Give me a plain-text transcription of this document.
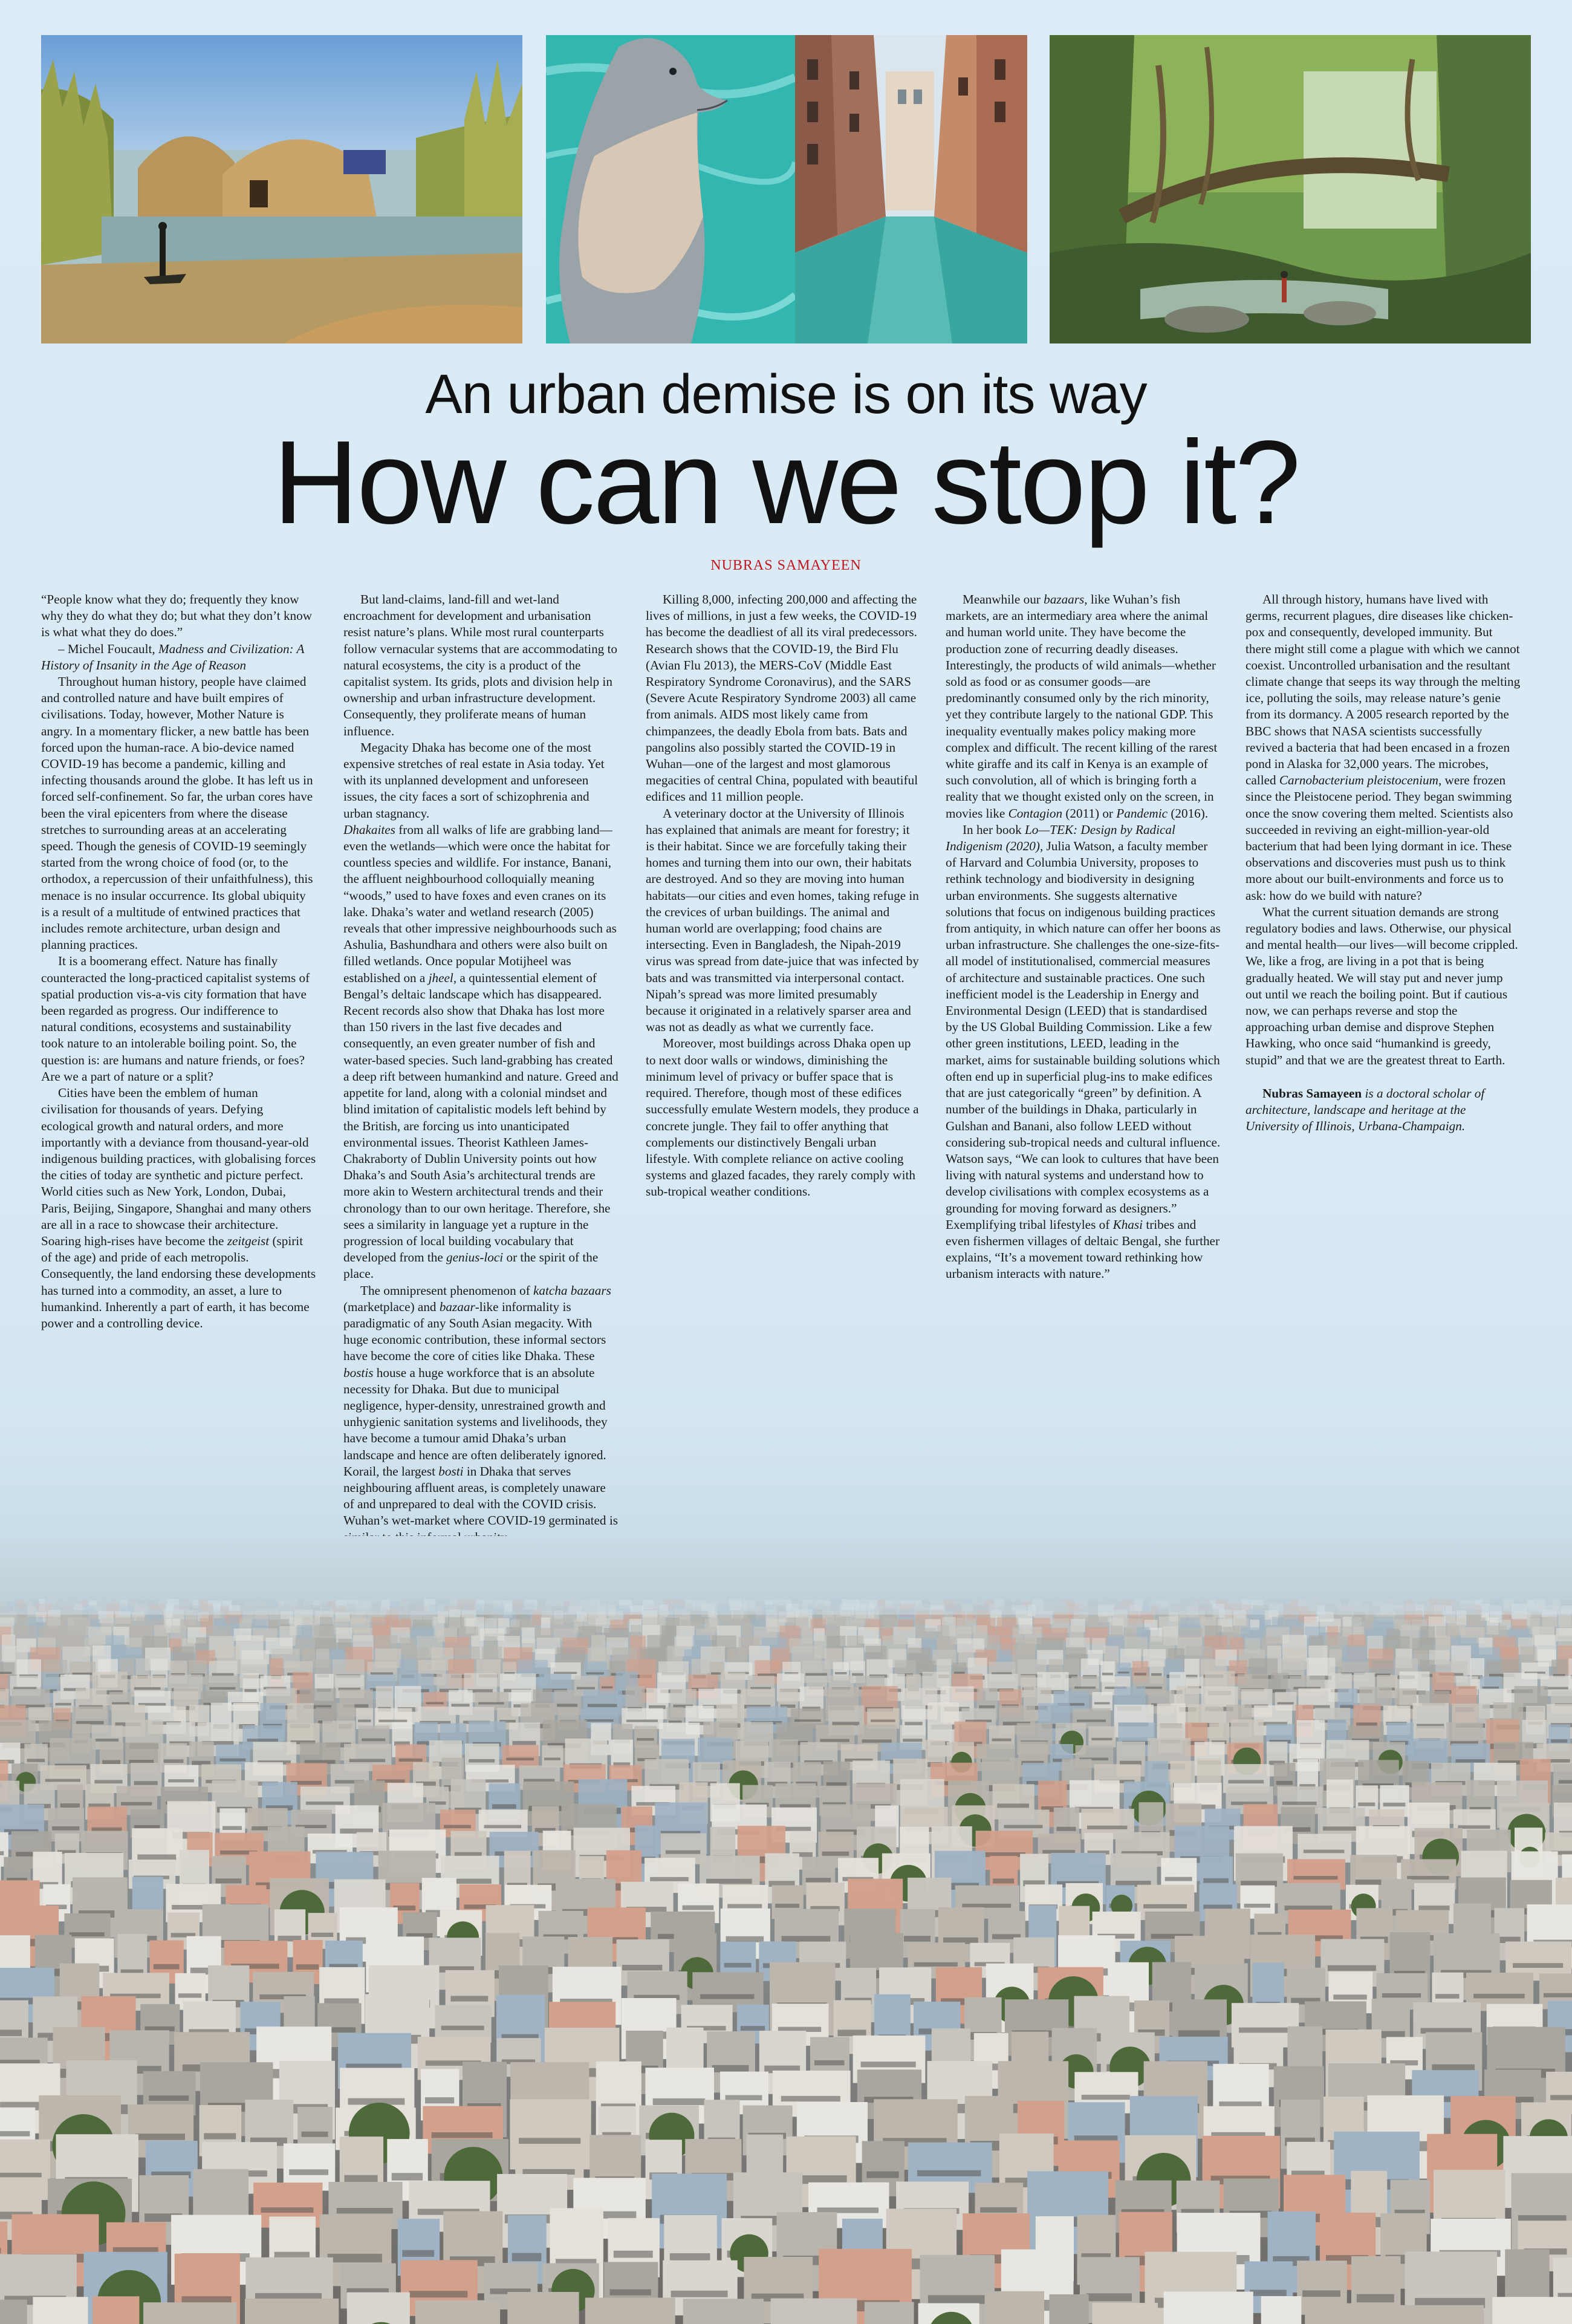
An urban demise is on its way
How can we stop it?
NUBRAS SAMAYEEN

“People know what they do; frequently they know why they do what they do; but what they don’t know is what what they do does.”

– Michel Foucault, Madness and Civilization: A History of Insanity in the Age of Reason

Throughout human history, people have claimed and controlled nature and have built empires of civilisations. Today, however, Mother Nature is angry. In a momentary flicker, a new battle has been forced upon the human-race. A bio-device named COVID-19 has become a pandemic, killing and infecting thousands around the globe. It has left us in forced self-confinement. So far, the urban cores have been the viral epicenters from where the disease stretches to surrounding areas at an accelerating speed. Though the genesis of COVID-19 seemingly started from the wrong choice of food (or, to the orthodox, a repercussion of their unfaithfulness), this menace is no insular occurrence. Its global ubiquity is a result of a multitude of entwined practices that includes remote architecture, urban design and planning practices.

It is a boomerang effect. Nature has finally counteracted the long-practiced capitalist systems of spatial production vis-a-vis city formation that have been regarded as progress. Our indifference to natural conditions, ecosystems and sustainability took nature to an intolerable boiling point. So, the question is: are humans and nature friends, or foes? Are we a part of nature or a split?

Cities have been the emblem of human civilisation for thousands of years. Defying ecological growth and natural orders, and more importantly with a deviance from thousand-year-old indigenous building practices, with globalising forces the cities of today are synthetic and picture perfect. World cities such as New York, London, Dubai, Paris, Beijing, Singapore, Shanghai and many others are all in a race to showcase their architecture. Soaring high-rises have become the zeitgeist (spirit of the age) and pride of each metropolis. Consequently, the land endorsing these developments has turned into a commodity, an asset, a lure to humankind. Inherently a part of earth, it has become power and a controlling device.

But land-claims, land-fill and wet-land encroachment for development and urbanisation resist nature’s plans. While most rural counterparts follow vernacular systems that are accommodating to natural ecosystems, the city is a product of the capitalist system. Its grids, plots and division help in ownership and urban infrastructure development. Consequently, they proliferate means of human influence.

Megacity Dhaka has become one of the most expensive stretches of real estate in Asia today. Yet with its unplanned development and unforeseen issues, the city faces a sort of schizophrenia and urban stagnancy.

Dhakaites from all walks of life are grabbing land—even the wetlands—which were once the habitat for countless species and wildlife. For instance, Banani, the affluent neighbourhood colloquially meaning “woods,” used to have foxes and even cranes on its lake. Dhaka’s water and wetland research (2005) reveals that other impressive neighbourhoods such as Ashulia, Bashundhara and others were also built on filled wetlands. Once popular Motijheel was established on a jheel, a quintessential element of Bengal’s deltaic landscape which has disappeared. Recent records also show that Dhaka has lost more than 150 rivers in the last five decades and consequently, an even greater number of fish and water-based species. Such land-grabbing has created a deep rift between humankind and nature. Greed and appetite for land, along with a colonial mindset and blind imitation of capitalistic models left behind by the British, are forcing us into unanticipated environmental issues. Theorist Kathleen James-Chakraborty of Dublin University points out how Dhaka’s and South Asia’s architectural trends are more akin to Western architectural trends and their chronology than to our own heritage. Therefore, she sees a similarity in language yet a rupture in the progression of local building vocabulary that developed from the genius-loci or the spirit of the place.

The omnipresent phenomenon of katcha bazaars (marketplace) and bazaar-like informality is paradigmatic of any South Asian megacity. With huge economic contribution, these informal sectors have become the core of cities like Dhaka. These bostis house a huge workforce that is an absolute necessity for Dhaka. But due to municipal negligence, hyper-density, unrestrained growth and unhygienic sanitation systems and livelihoods, they have become a tumour amid Dhaka’s urban landscape and hence are often deliberately ignored. Korail, the largest bosti in Dhaka that serves neighbouring affluent areas, is completely unaware of and unprepared to deal with the COVID crisis. Wuhan’s wet-market where COVID-19 germinated is

Killing 8,000, infecting 200,000 and affecting the lives of millions, in just a few weeks, the COVID-19 has become the deadliest of all its viral predecessors. Research shows that the COVID-19, the Bird Flu (Avian Flu 2013), the MERS-CoV (Middle East Respiratory Syndrome Coronavirus), and the SARS (Severe Acute Respiratory Syndrome 2003) all came from animals. AIDS most likely came from chimpanzees, the deadly Ebola from bats. Bats and pangolins also possibly started the COVID-19 in Wuhan—one of the largest and most glamorous megacities of central China, populated with beautiful edifices and 11 million people.

A veterinary doctor at the University of Illinois has explained that animals are meant for forestry; it is their habitat. Since we are forcefully taking their homes and turning them into our own, their habitats are destroyed. And so they are moving into human habitats—our cities and even homes, taking refuge in the crevices of urban buildings. The animal and human world are overlapping; food chains are intersecting. Even in Bangladesh, the Nipah-2019 virus was spread from date-juice that was infected by bats and was transmitted via interpersonal contact. Nipah’s spread was more limited presumably because it originated in a relatively sparser area and was not as deadly as what we currently face.

Moreover, most buildings across Dhaka open up to next door walls or windows, diminishing the minimum level of privacy or buffer space that is required. Therefore, though most of these edifices successfully emulate Western models, they produce a concrete jungle. They fail to offer anything that complements our distinctively Bengali urban lifestyle. With complete reliance on active cooling systems and glazed facades, they rarely comply with sub-tropical weather conditions.

Meanwhile our bazaars, like Wuhan’s fish markets, are an intermediary area where the animal and human world unite. They have become the production zone of recurring deadly diseases. Interestingly, the products of wild animals—whether sold as food or as consumer goods—are predominantly consumed only by the rich minority, yet they contribute largely to the national GDP. This inequality eventually makes policy making more complex and difficult. The recent killing of the rarest white giraffe and its calf in Kenya is an example of such convolution, all of which is bringing forth a reality that we thought existed only on the screen, in movies like Contagion (2011) or Pandemic (2016).

In her book Lo—TEK: Design by Radical Indigenism (2020), Julia Watson, a faculty member of Harvard and Columbia University, proposes to rethink technology and biodiversity in designing urban environments. She suggests alternative solutions that focus on indigenous building practices from antiquity, in which nature can offer her boons as urban infrastructure. She challenges the one-size-fits-all model of institutionalised, commercial measures of architecture and sustainable practices. One such inefficient model is the Leadership in Energy and Environmental Design (LEED) that is standardised by the US Global Building Commission. Like a few other green institutions, LEED, leading in the market, aims for sustainable building solutions which often end up in superficial plug-ins to make edifices that are just categorically “green” by definition. A number of the buildings in Dhaka, particularly in Gulshan and Banani, also follow LEED without considering sub-tropical needs and cultural influence. Watson says, “We can look to cultures that have been living with natural systems and understand how to develop civilisations with complex ecosystems as a grounding for moving forward as designers.” Exemplifying tribal lifestyles of Khasi tribes and even fishermen villages of deltaic Bengal, she further explains, “It’s a movement toward rethinking how urbanism interacts with nature.”

All through history, humans have lived with germs, recurrent plagues, dire diseases like chicken-pox and consequently, developed immunity. But there might still come a plague with which we cannot coexist. Uncontrolled urbanisation and the resultant climate change that seeps its way through the melting ice, polluting the soils, may release nature’s genie from its dormancy. A 2005 research reported by the BBC shows that NASA scientists successfully revived a bacteria that had been encased in a frozen pond in Alaska for 32,000 years. The microbes, called Carnobacterium pleistocenium, were frozen since the Pleistocene period. They began swimming once the snow covering them melted. Scientists also succeeded in reviving an eight-million-year-old bacterium that had been lying dormant in ice. These observations and discoveries must push us to think more about our built-environments and force us to ask: how do we build with nature?

What the current situation demands are strong regulatory bodies and laws. Otherwise, our physical and mental health—our lives—will become crippled. We, like a frog, are living in a pot that is being gradually heated. We will stay put and never jump out until we reach the boiling point. But if cautious now, we can perhaps reverse and stop the approaching urban demise and disprove Stephen Hawking, who once said “humankind is greedy, stupid” and that we are the greatest threat to Earth.

Nubras Samayeen is a doctoral scholar of architecture, landscape and heritage at the University of Illinois, Urbana-Champaign.
